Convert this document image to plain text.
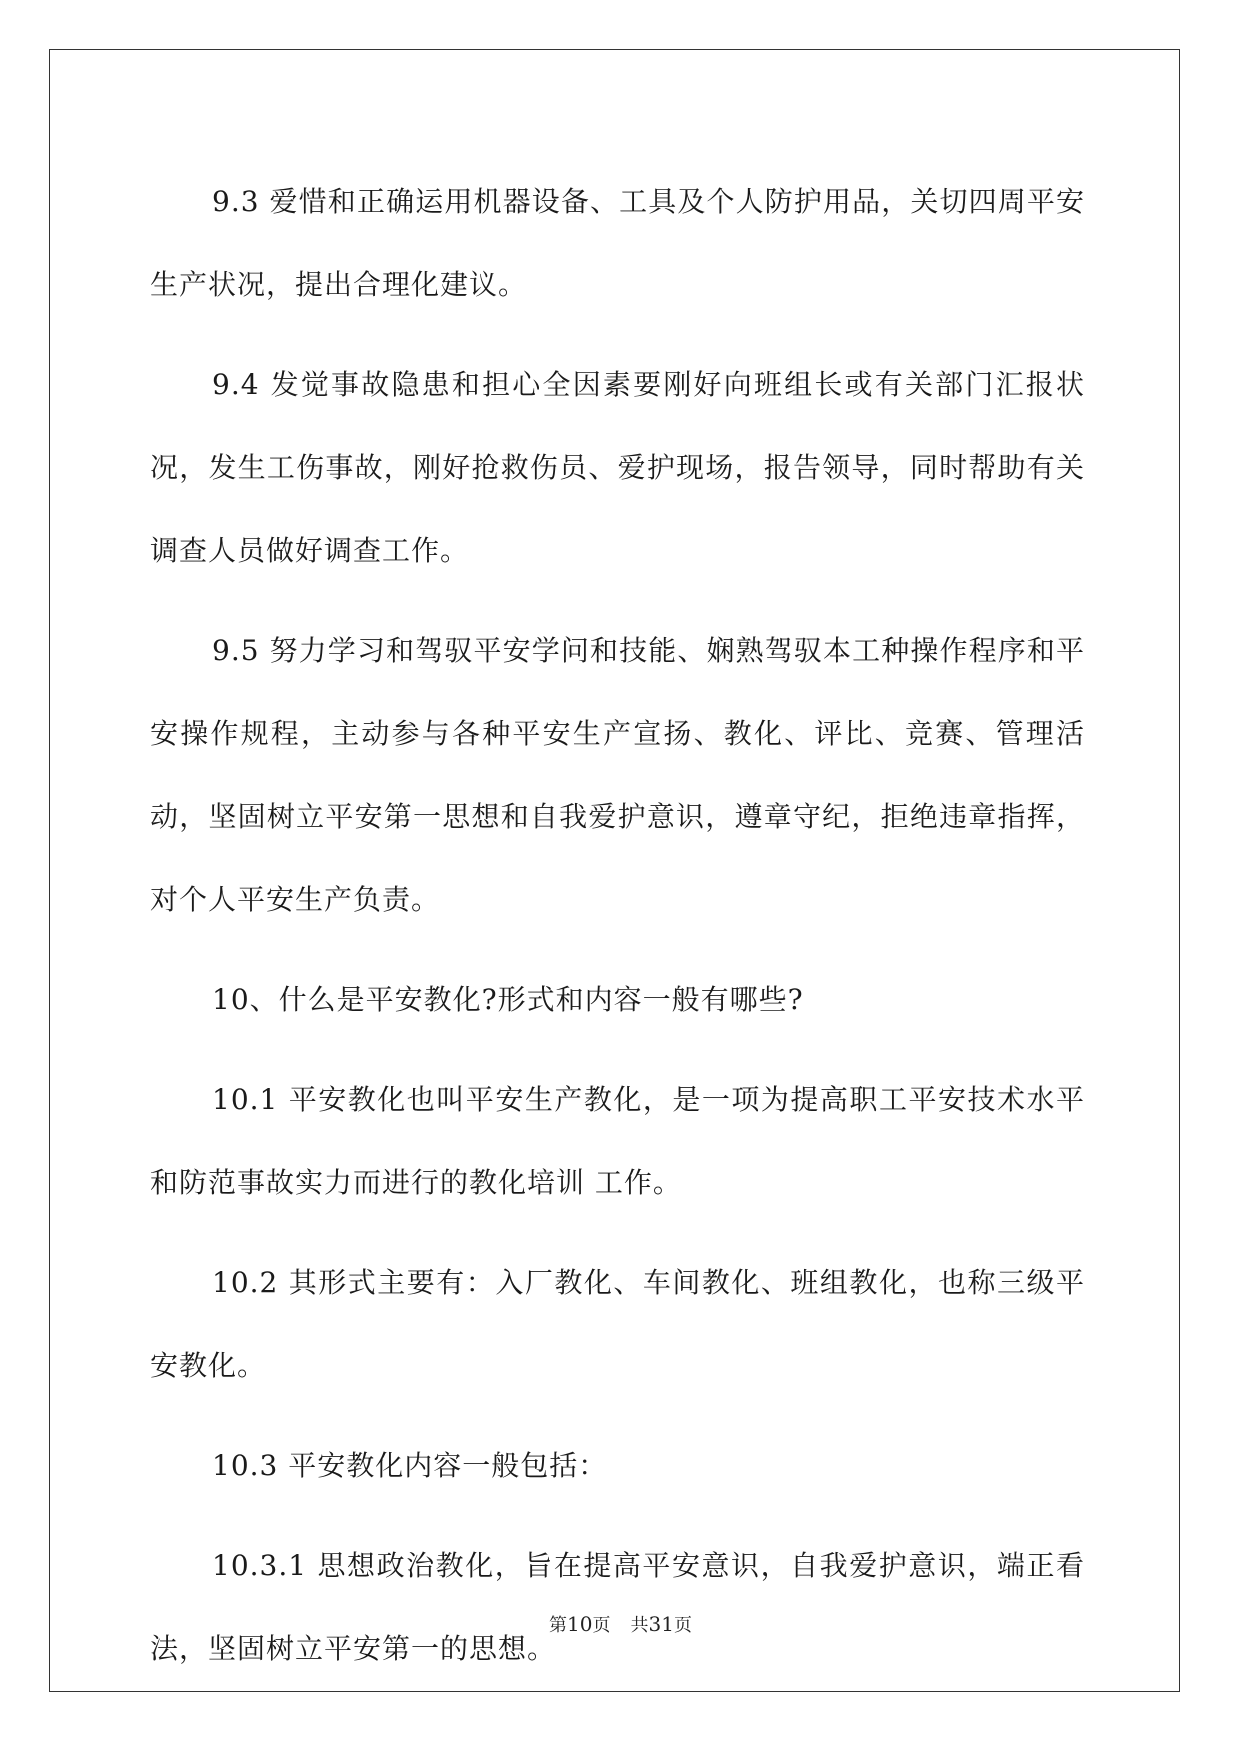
9.3 爱惜和正确运用机器设备、工具及个人防护用品，关切四周平安生产状况，提出合理化建议。

9.4 发觉事故隐患和担心全因素要刚好向班组长或有关部门汇报状况，发生工伤事故，刚好抢救伤员、爱护现场，报告领导，同时帮助有关调查人员做好调查工作。

9.5 努力学习和驾驭平安学问和技能、娴熟驾驭本工种操作程序和平安操作规程，主动参与各种平安生产宣扬、教化、评比、竞赛、管理活动，坚固树立平安第一思想和自我爱护意识，遵章守纪，拒绝违章指挥，对个人平安生产负责。

10、什么是平安教化?形式和内容一般有哪些?

10.1 平安教化也叫平安生产教化，是一项为提高职工平安技术水平和防范事故实力而进行的教化培训 工作。

10.2 其形式主要有：入厂教化、车间教化、班组教化，也称三级平安教化。

10.3 平安教化内容一般包括：

10.3.1 思想政治教化，旨在提高平安意识，自我爱护意识，端正看法，坚固树立平安第一的思想。

第10页 共31页
